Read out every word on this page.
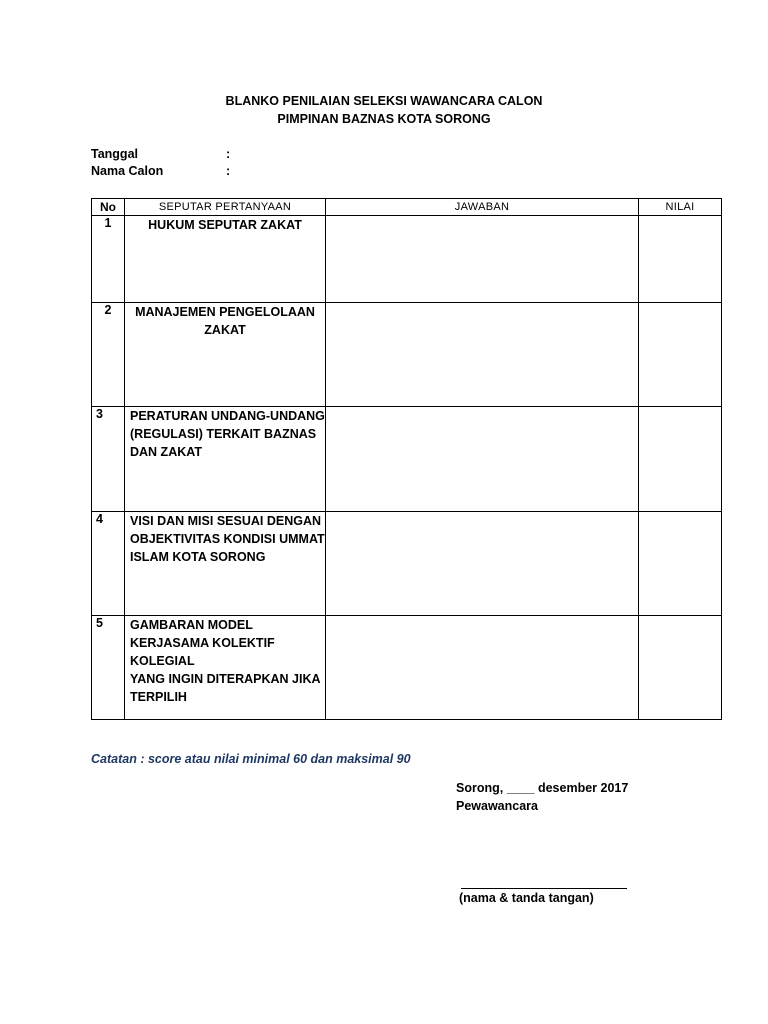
BLANKO PENILAIAN SELEKSI WAWANCARA CALON
PIMPINAN BAZNAS KOTA SORONG
Tanggal	:
Nama Calon	:
No	SEPUTAR PERTANYAAN	JAWABAN	NILAI
1	HUKUM SEPUTAR ZAKAT		

2	MANAJEMEN PENGELOLAAN
ZAKAT		

3	PERATURAN UNDANG-UNDANG
(REGULASI) TERKAIT BAZNAS
DAN ZAKAT		

4	VISI DAN MISI SESUAI DENGAN
OBJEKTIVITAS KONDISI UMMAT
ISLAM KOTA SORONG		

5	GAMBARAN MODEL
KERJASAMA KOLEKTIF KOLEGIAL
YANG INGIN DITERAPKAN JIKA
TERPILIH		

Catatan : score atau nilai minimal 60 dan maksimal 90
Sorong, ____ desember 2017
Pewawancara
(nama & tanda tangan)
